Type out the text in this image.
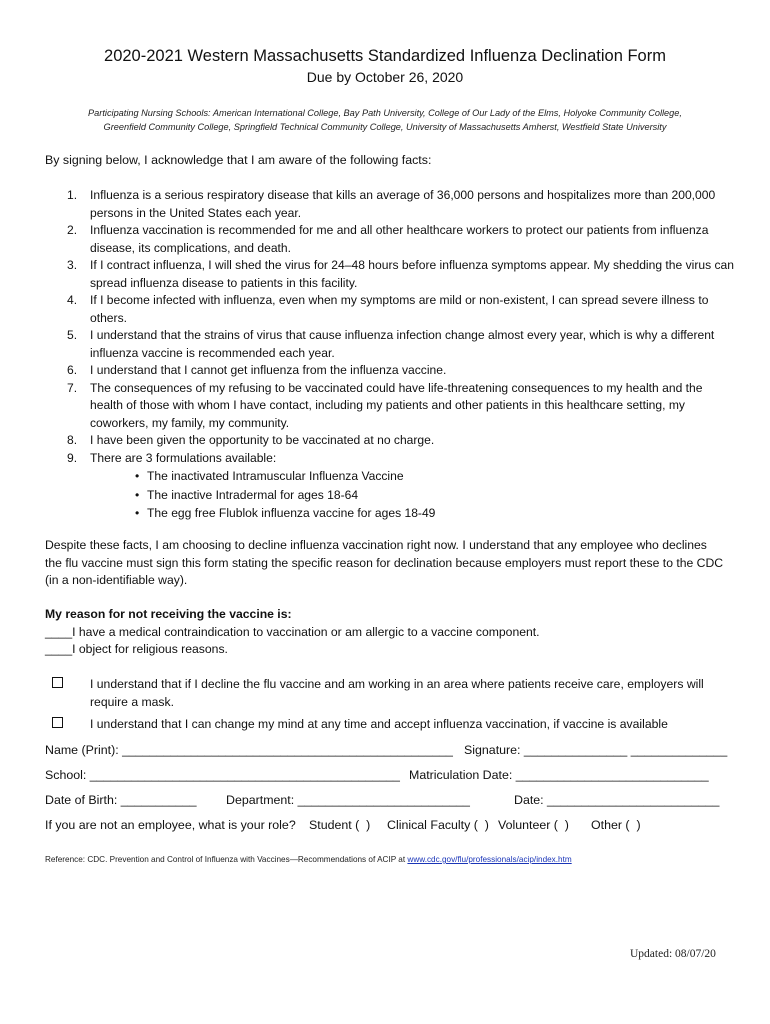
2020-2021 Western Massachusetts Standardized Influenza Declination Form
Due by October 26, 2020
Participating Nursing Schools: American International College, Bay Path University, College of Our Lady of the Elms, Holyoke Community College,
Greenfield Community College, Springfield Technical Community College, University of Massachusetts Amherst, Westfield State University
By signing below, I acknowledge that I am aware of the following facts:
1. Influenza is a serious respiratory disease that kills an average of 36,000 persons and hospitalizes more than 200,000 persons in the United States each year.
2. Influenza vaccination is recommended for me and all other healthcare workers to protect our patients from influenza disease, its complications, and death.
3. If I contract influenza, I will shed the virus for 24–48 hours before influenza symptoms appear. My shedding the virus can spread influenza disease to patients in this facility.
4. If I become infected with influenza, even when my symptoms are mild or non-existent, I can spread severe illness to others.
5. I understand that the strains of virus that cause influenza infection change almost every year, which is why a different influenza vaccine is recommended each year.
6. I understand that I cannot get influenza from the influenza vaccine.
7. The consequences of my refusing to be vaccinated could have life-threatening consequences to my health and the health of those with whom I have contact, including my patients and other patients in this healthcare setting, my coworkers, my family, my community.
8. I have been given the opportunity to be vaccinated at no charge.
9. There are 3 formulations available:
• The inactivated Intramuscular Influenza Vaccine
• The inactive Intradermal for ages 18-64
• The egg free Flublok influenza vaccine for ages 18-49
Despite these facts, I am choosing to decline influenza vaccination right now. I understand that any employee who declines the flu vaccine must sign this form stating the specific reason for declination because employers must report these to the CDC (in a non-identifiable way).
My reason for not receiving the vaccine is:
____I have a medical contraindication to vaccination or am allergic to a vaccine component.
____I object for religious reasons.
I understand that if I decline the flu vaccine and am working in an area where patients receive care, employers will require a mask.
I understand that I can change my mind at any time and accept influenza vaccination, if vaccine is available

Name (Print): ________________________________________________

Signature: _______________ ______________

School: _____________________________________________

Matriculation Date: ____________________________

Date of Birth: ___________

Department: _________________________

	Date: _________________________

If you are not an employee, what is your role?

Student (  )

Clinical Faculty (  )

Volunteer (  )

Other (  )

Reference: CDC. Prevention and Control of Influenza with Vaccines—Recommendations of ACIP at www.cdc.gov/flu/professionals/acip/index.htm
Updated: 08/07/20
